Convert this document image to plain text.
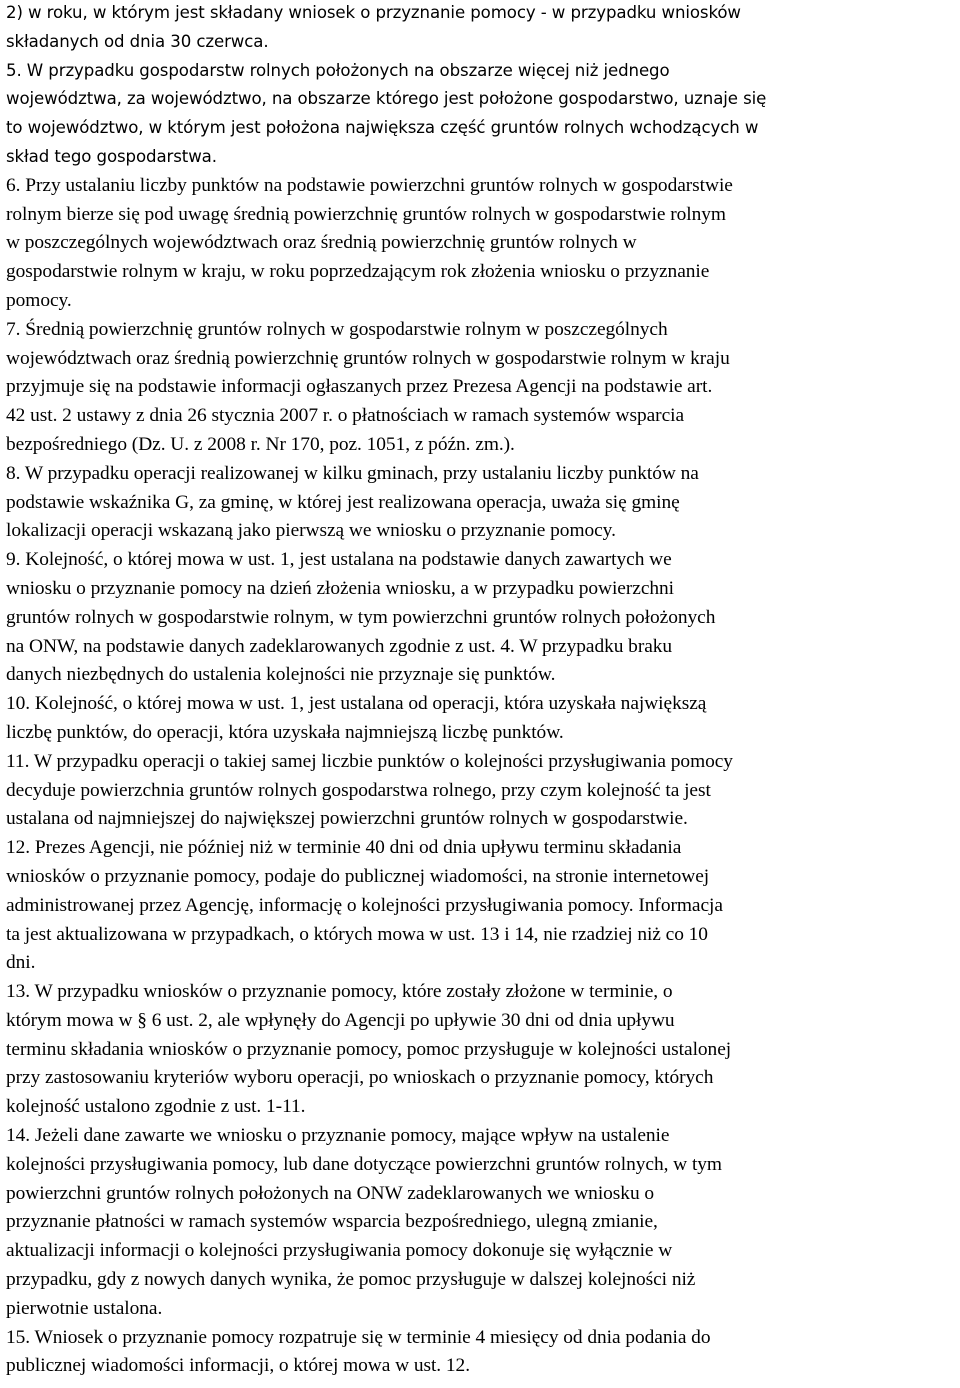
2) w roku, w którym jest składany wniosek o przyznanie pomocy - w przypadku wniosków
składanych od dnia 30 czerwca.
5. W przypadku gospodarstw rolnych położonych na obszarze więcej niż jednego
województwa, za województwo, na obszarze którego jest położone gospodarstwo, uznaje się
to województwo, w którym jest położona największa część gruntów rolnych wchodzących w
skład tego gospodarstwa.
6. Przy ustalaniu liczby punktów na podstawie powierzchni gruntów rolnych w gospodarstwie
rolnym bierze się pod uwagę średnią powierzchnię gruntów rolnych w gospodarstwie rolnym
w poszczególnych województwach oraz średnią powierzchnię gruntów rolnych w
gospodarstwie rolnym w kraju, w roku poprzedzającym rok złożenia wniosku o przyznanie
pomocy.
7. Średnią powierzchnię gruntów rolnych w gospodarstwie rolnym w poszczególnych
województwach oraz średnią powierzchnię gruntów rolnych w gospodarstwie rolnym w kraju
przyjmuje się na podstawie informacji ogłaszanych przez Prezesa Agencji na podstawie art.
42 ust. 2 ustawy z dnia 26 stycznia 2007 r. o płatnościach w ramach systemów wsparcia
bezpośredniego (Dz. U. z 2008 r. Nr 170, poz. 1051, z późn. zm.).
8. W przypadku operacji realizowanej w kilku gminach, przy ustalaniu liczby punktów na
podstawie wskaźnika G, za gminę, w której jest realizowana operacja, uważa się gminę
lokalizacji operacji wskazaną jako pierwszą we wniosku o przyznanie pomocy.
9. Kolejność, o której mowa w ust. 1, jest ustalana na podstawie danych zawartych we
wniosku o przyznanie pomocy na dzień złożenia wniosku, a w przypadku powierzchni
gruntów rolnych w gospodarstwie rolnym, w tym powierzchni gruntów rolnych położonych
na ONW, na podstawie danych zadeklarowanych zgodnie z ust. 4. W przypadku braku
danych niezbędnych do ustalenia kolejności nie przyznaje się punktów.
10. Kolejność, o której mowa w ust. 1, jest ustalana od operacji, która uzyskała największą
liczbę punktów, do operacji, która uzyskała najmniejszą liczbę punktów.
11. W przypadku operacji o takiej samej liczbie punktów o kolejności przysługiwania pomocy
decyduje powierzchnia gruntów rolnych gospodarstwa rolnego, przy czym kolejność ta jest
ustalana od najmniejszej do największej powierzchni gruntów rolnych w gospodarstwie.
12. Prezes Agencji, nie później niż w terminie 40 dni od dnia upływu terminu składania
wniosków o przyznanie pomocy, podaje do publicznej wiadomości, na stronie internetowej
administrowanej przez Agencję, informację o kolejności przysługiwania pomocy. Informacja
ta jest aktualizowana w przypadkach, o których mowa w ust. 13 i 14, nie rzadziej niż co 10
dni.
13. W przypadku wniosków o przyznanie pomocy, które zostały złożone w terminie, o
którym mowa w § 6 ust. 2, ale wpłynęły do Agencji po upływie 30 dni od dnia upływu
terminu składania wniosków o przyznanie pomocy, pomoc przysługuje w kolejności ustalonej
przy zastosowaniu kryteriów wyboru operacji, po wnioskach o przyznanie pomocy, których
kolejność ustalono zgodnie z ust. 1-11.
14. Jeżeli dane zawarte we wniosku o przyznanie pomocy, mające wpływ na ustalenie
kolejności przysługiwania pomocy, lub dane dotyczące powierzchni gruntów rolnych, w tym
powierzchni gruntów rolnych położonych na ONW zadeklarowanych we wniosku o
przyznanie płatności w ramach systemów wsparcia bezpośredniego, ulegną zmianie,
aktualizacji informacji o kolejności przysługiwania pomocy dokonuje się wyłącznie w
przypadku, gdy z nowych danych wynika, że pomoc przysługuje w dalszej kolejności niż
pierwotnie ustalona.
15. Wniosek o przyznanie pomocy rozpatruje się w terminie 4 miesięcy od dnia podania do
publicznej wiadomości informacji, o której mowa w ust. 12.
